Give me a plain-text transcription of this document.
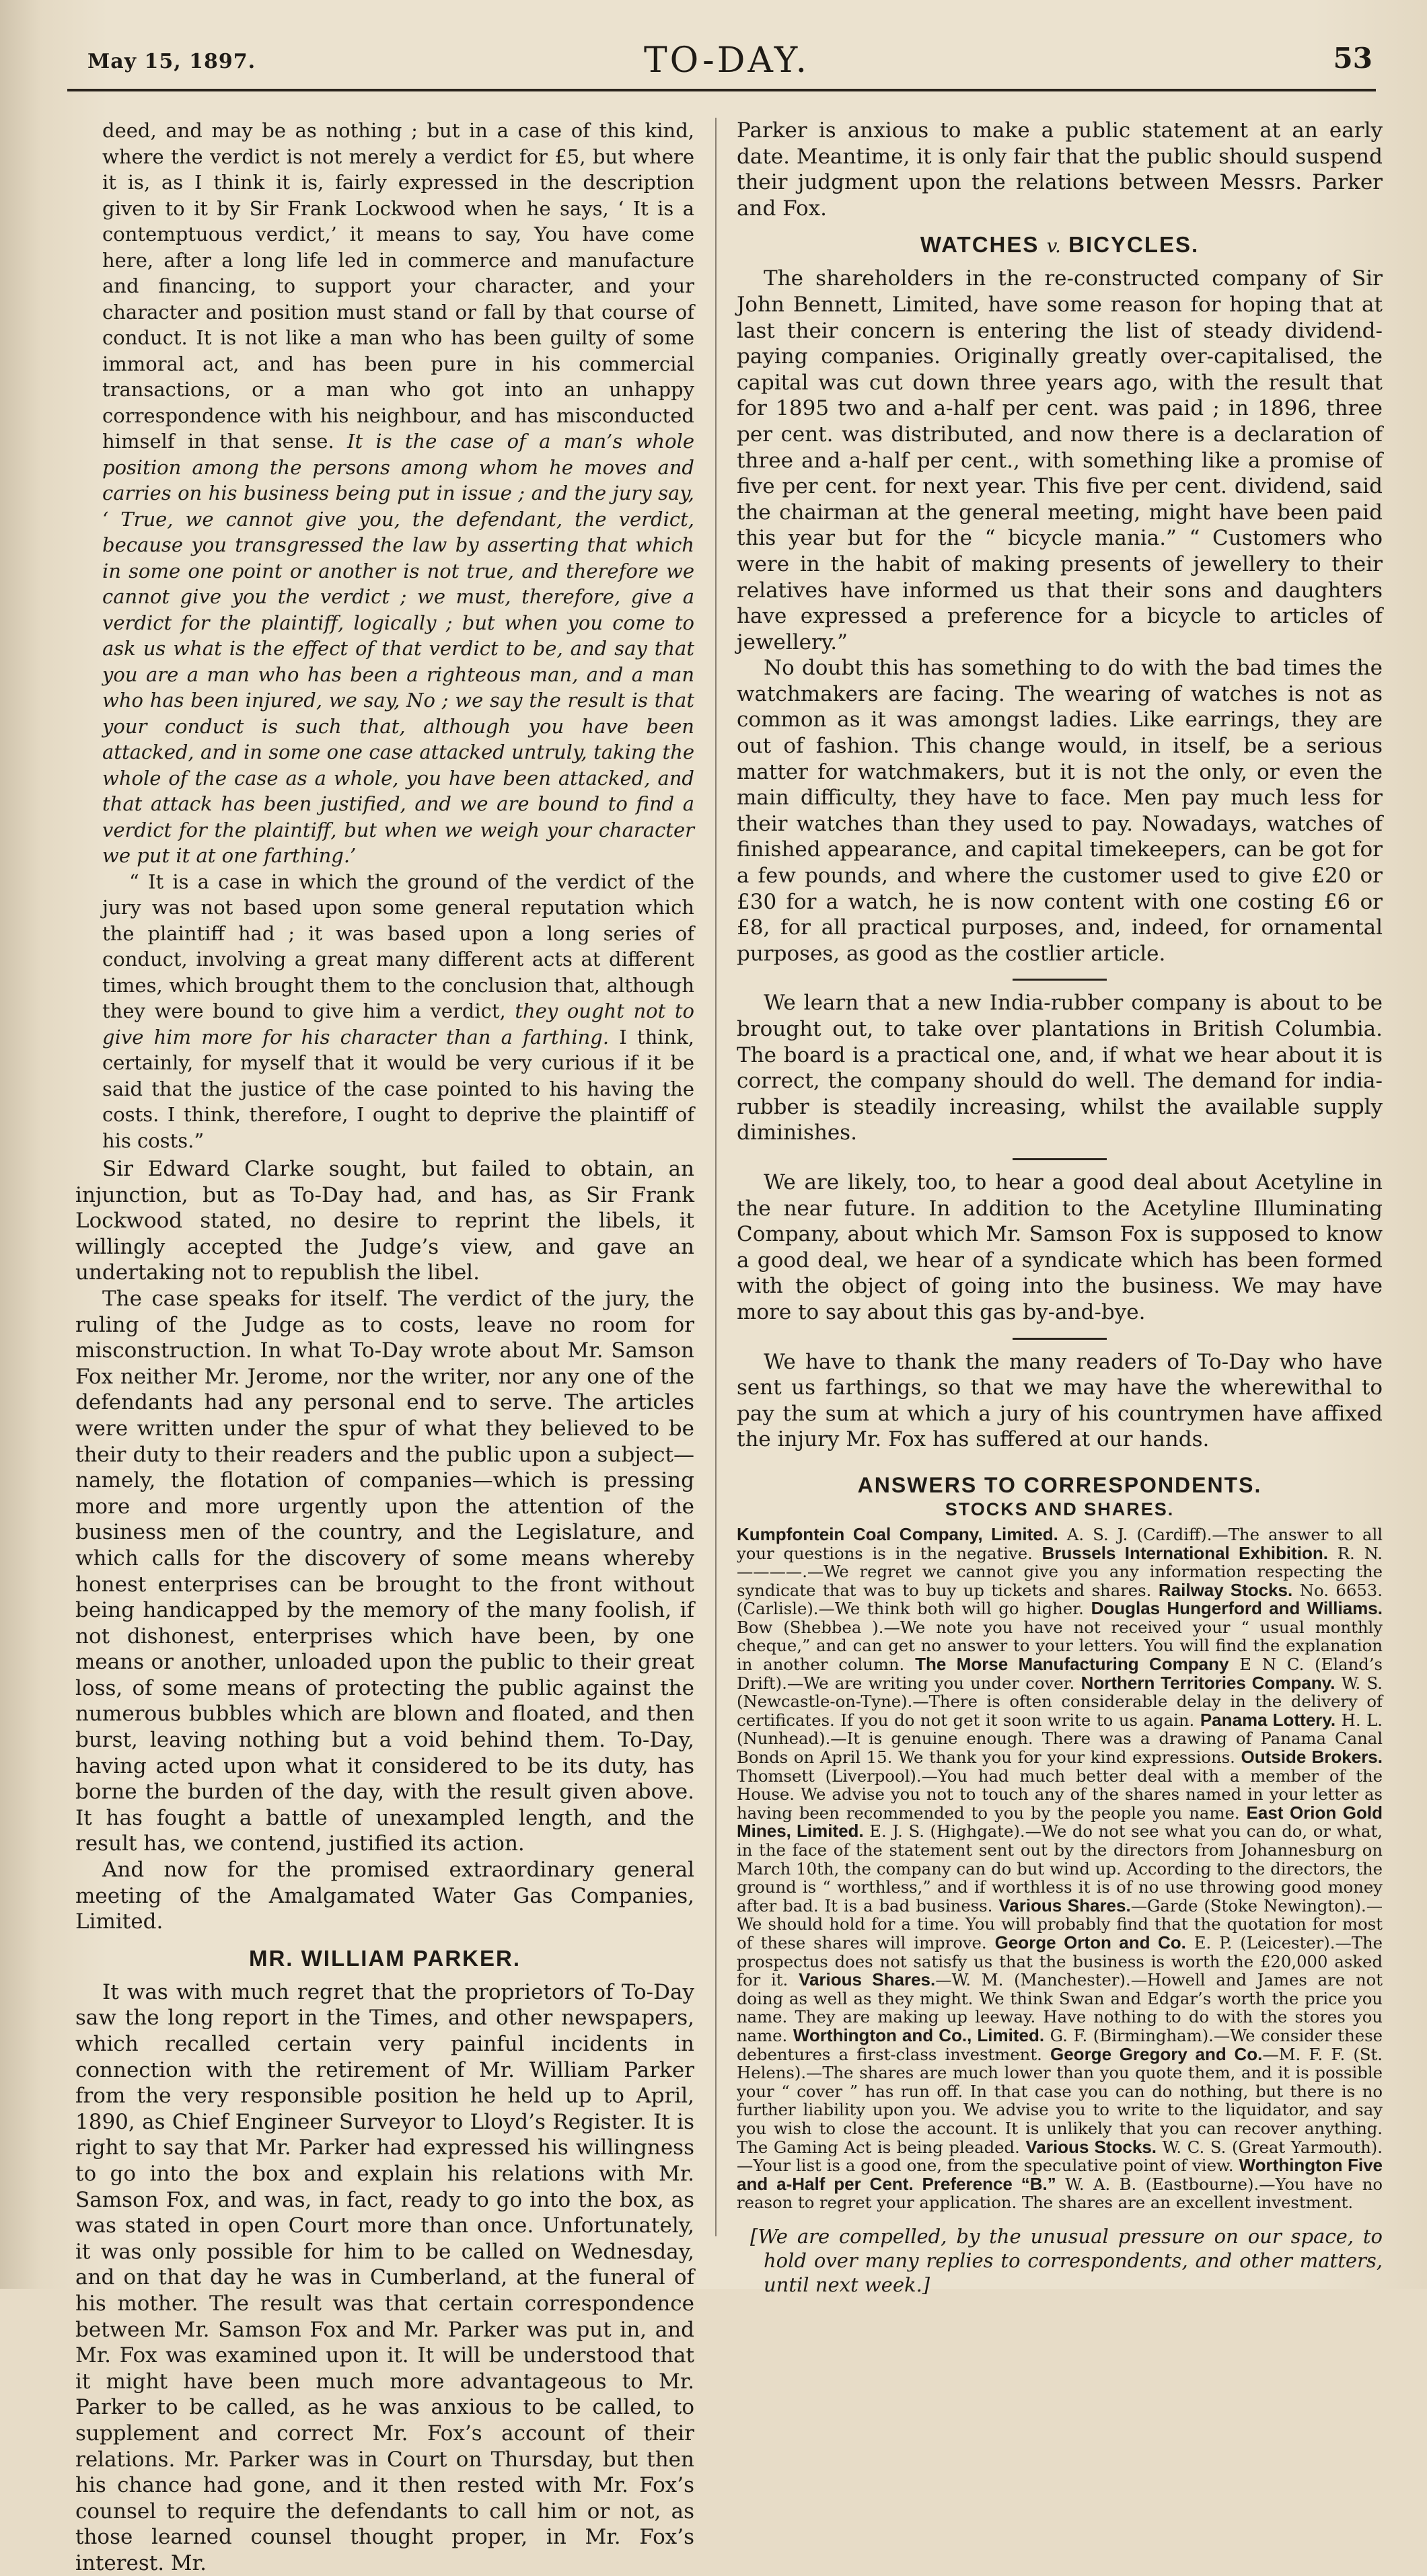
May 15, 1897.	TO-DAY.	53

deed, and may be as nothing ; but in a case of this kind, where the verdict is not merely a verdict for £5, but where it is, as I think it is, fairly expressed in the description given to it by Sir Frank Lockwood when he says, ‘ It is a contemptuous verdict,’ it means to say, You have come here, after a long life led in commerce and manufacture and financing, to support your character, and your character and position must stand or fall by that course of conduct. It is not like a man who has been guilty of some immoral act, and has been pure in his commercial transactions, or a man who got into an unhappy correspondence with his neighbour, and has misconducted himself in that sense. It is the case of a man’s whole position among the persons among whom he moves and carries on his business being put in issue ; and the jury say, ‘ True, we cannot give you, the defendant, the verdict, because you transgressed the law by asserting that which in some one point or another is not true, and therefore we cannot give you the verdict ; we must, therefore, give a verdict for the plaintiff, logically ; but when you come to ask us what is the effect of that verdict to be, and say that you are a man who has been a righteous man, and a man who has been injured, we say, No ; we say the result is that your conduct is such that, although you have been attacked, and in some one case attacked untruly, taking the whole of the case as a whole, you have been attacked, and that attack has been justified, and we are bound to find a verdict for the plaintiff, but when we weigh your character we put it at one farthing.’

“ It is a case in which the ground of the verdict of the jury was not based upon some general reputation which the plaintiff had ; it was based upon a long series of conduct, involving a great many different acts at different times, which brought them to the conclusion that, although they were bound to give him a verdict, they ought not to give him more for his character than a farthing. I think, certainly, for myself that it would be very curious if it be said that the justice of the case pointed to his having the costs. I think, therefore, I ought to deprive the plaintiff of his costs.”

Sir Edward Clarke sought, but failed to obtain, an injunction, but as To-Day had, and has, as Sir Frank Lockwood stated, no desire to reprint the libels, it willingly accepted the Judge’s view, and gave an undertaking not to republish the libel.

The case speaks for itself. The verdict of the jury, the ruling of the Judge as to costs, leave no room for misconstruction. In what To-Day wrote about Mr. Samson Fox neither Mr. Jerome, nor the writer, nor any one of the defendants had any personal end to serve. The articles were written under the spur of what they believed to be their duty to their readers and the public upon a subject—namely, the flotation of companies—which is pressing more and more urgently upon the attention of the business men of the country, and the Legislature, and which calls for the discovery of some means whereby honest enterprises can be brought to the front without being handicapped by the memory of the many foolish, if not dishonest, enterprises which have been, by one means or another, unloaded upon the public to their great loss, of some means of protecting the public against the numerous bubbles which are blown and floated, and then burst, leaving nothing but a void behind them. To-Day, having acted upon what it considered to be its duty, has borne the burden of the day, with the result given above. It has fought a battle of unexampled length, and the result has, we contend, justified its action.

And now for the promised extraordinary general meeting of the Amalgamated Water Gas Companies, Limited.

MR. WILLIAM PARKER.

It was with much regret that the proprietors of To-Day saw the long report in the Times, and other newspapers, which recalled certain very painful incidents in connection with the retirement of Mr. William Parker from the very responsible position he held up to April, 1890, as Chief Engineer Surveyor to Lloyd’s Register. It is right to say that Mr. Parker had expressed his willingness to go into the box and explain his relations with Mr. Samson Fox, and was, in fact, ready to go into the box, as was stated in open Court more than once. Unfortunately, it was only possible for him to be called on Wednesday, and on that day he was in Cumberland, at the funeral of his mother. The result was that certain correspondence between Mr. Samson Fox and Mr. Parker was put in, and Mr. Fox was examined upon it. It will be understood that it might have been much more advantageous to Mr. Parker to be called, as he was anxious to be called, to supplement and correct Mr. Fox’s account of their relations. Mr. Parker was in Court on Thursday, but then his chance had gone, and it then rested with Mr. Fox’s counsel to require the defendants to call him or not, as those learned counsel thought proper, in Mr. Fox’s interest. Mr.

Parker is anxious to make a public statement at an early date. Meantime, it is only fair that the public should suspend their judgment upon the relations between Messrs. Parker and Fox.

WATCHES v. BICYCLES.

The shareholders in the re-constructed company of Sir John Bennett, Limited, have some reason for hoping that at last their concern is entering the list of steady dividend-paying companies. Originally greatly over-capitalised, the capital was cut down three years ago, with the result that for 1895 two and a-half per cent. was paid ; in 1896, three per cent. was distributed, and now there is a declaration of three and a-half per cent., with something like a promise of five per cent. for next year. This five per cent. dividend, said the chairman at the general meeting, might have been paid this year but for the “ bicycle mania.” “ Customers who were in the habit of making presents of jewellery to their relatives have informed us that their sons and daughters have expressed a preference for a bicycle to articles of jewellery.”

No doubt this has something to do with the bad times the watchmakers are facing. The wearing of watches is not as common as it was amongst ladies. Like earrings, they are out of fashion. This change would, in itself, be a serious matter for watchmakers, but it is not the only, or even the main difficulty, they have to face. Men pay much less for their watches than they used to pay. Nowadays, watches of finished appearance, and capital timekeepers, can be got for a few pounds, and where the customer used to give £20 or £30 for a watch, he is now content with one costing £6 or £8, for all practical purposes, and, indeed, for ornamental purposes, as good as the costlier article.

We learn that a new India-rubber company is about to be brought out, to take over plantations in British Columbia. The board is a practical one, and, if what we hear about it is correct, the company should do well. The demand for india-rubber is steadily increasing, whilst the available supply diminishes.

We are likely, too, to hear a good deal about Acetyline in the near future. In addition to the Acetyline Illuminating Company, about which Mr. Samson Fox is supposed to know a good deal, we hear of a syndicate which has been formed with the object of going into the business. We may have more to say about this gas by-and-bye.

We have to thank the many readers of To-Day who have sent us farthings, so that we may have the wherewithal to pay the sum at which a jury of his countrymen have affixed the injury Mr. Fox has suffered at our hands.

ANSWERS TO CORRESPONDENTS.
STOCKS AND SHARES.

Kumpfontein Coal Company, Limited. A. S. J. (Cardiff).—The answer to all your questions is in the negative. Brussels International Exhibition. R. N. ————.—We regret we cannot give you any information respecting the syndicate that was to buy up tickets and shares. Railway Stocks. No. 6653. (Carlisle).—We think both will go higher. Douglas Hungerford and Williams. Bow (Shebbea ).—We note you have not received your “ usual monthly cheque,” and can get no answer to your letters. You will find the explanation in another column. The Morse Manufacturing Company E N C. (Eland’s Drift).—We are writing you under cover. Northern Territories Company. W. S. (Newcastle-on-Tyne).—There is often considerable delay in the delivery of certificates. If you do not get it soon write to us again. Panama Lottery. H. L. (Nunhead).—It is genuine enough. There was a drawing of Panama Canal Bonds on April 15. We thank you for your kind expressions. Outside Brokers. Thomsett (Liverpool).—You had much better deal with a member of the House. We advise you not to touch any of the shares named in your letter as having been recommended to you by the people you name. East Orion Gold Mines, Limited. E. J. S. (Highgate).—We do not see what you can do, or what, in the face of the statement sent out by the directors from Johannesburg on March 10th, the company can do but wind up. According to the directors, the ground is “ worthless,” and if worthless it is of no use throwing good money after bad. It is a bad business. Various Shares.—Garde (Stoke Newington).—We should hold for a time. You will probably find that the quotation for most of these shares will improve. George Orton and Co. E. P. (Leicester).—The prospectus does not satisfy us that the business is worth the £20,000 asked for it. Various Shares.—W. M. (Manchester).—Howell and James are not doing as well as they might. We think Swan and Edgar’s worth the price you name. They are making up leeway. Have nothing to do with the stores you name. Worthington and Co., Limited. G. F. (Birmingham).—We consider these debentures a first-class investment. George Gregory and Co.—M. F. F. (St. Helens).—The shares are much lower than you quote them, and it is possible your “ cover ” has run off. In that case you can do nothing, but there is no further liability upon you. We advise you to write to the liquidator, and say you wish to close the account. It is unlikely that you can recover anything. The Gaming Act is being pleaded. Various Stocks. W. C. S. (Great Yarmouth).—Your list is a good one, from the speculative point of view. Worthington Five and a-Half per Cent. Preference “B.” W. A. B. (Eastbourne).—You have no reason to regret your application. The shares are an excellent investment.

[We are compelled, by the unusual pressure on our space, to hold over many replies to correspondents, and other matters, until next week.]
